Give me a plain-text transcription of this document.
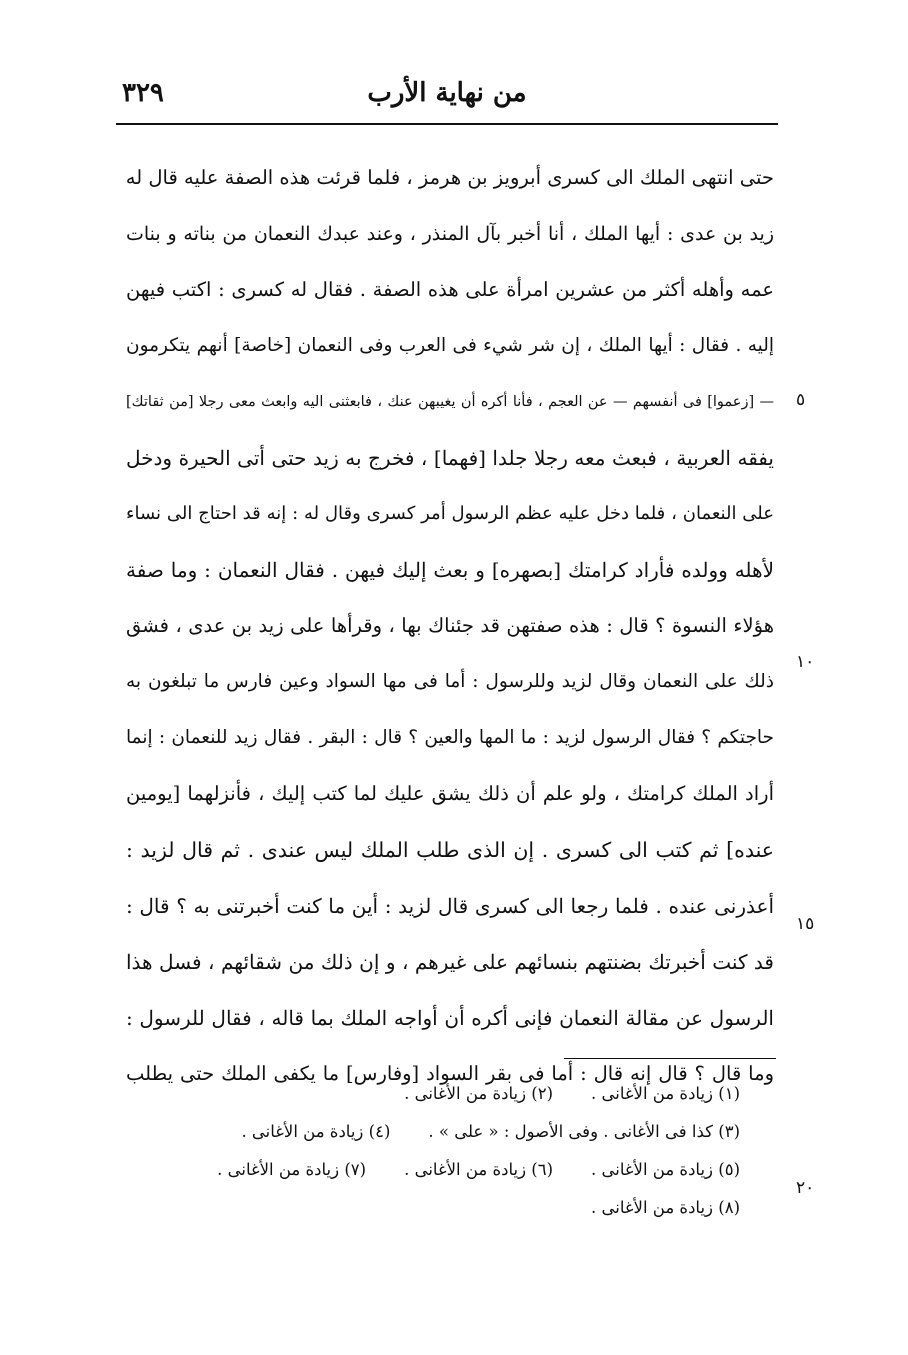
٣٢٩	من نهاية الأرب
حتى انتهى الملك الى كسرى أبرويز بن هرمز ، فلما قرئت هذه الصفة عليه قال له
زيد بن عدى : أيها الملك ، أنا أخبر بآل المنذر ، وعند عبدك النعمان من بناته و بنات
عمه وأهله أكثر من عشرين امرأة على هذه الصفة . فقال له كسرى : اكتب فيهن
إليه . فقال : أيها الملك ، إن شر شيء فى العرب وفى النعمان [خاصة] أنهم يتكرمون
— [زعموا] فى أنفسهم — عن العجم ، فأنا أكره أن يغيبهن عنك ، فابعثنى اليه وابعث معى رجلا [من ثقاتك]
يفقه العربية ، فبعث معه رجلا جلدا [فهما] ، فخرج به زيد حتى أتى الحيرة ودخل
على النعمان ، فلما دخل عليه عظم الرسول أمر كسرى وقال له : إنه قد احتاج الى نساء
لأهله وولده فأراد كرامتك [بصهره] و بعث إليك فيهن . فقال النعمان : وما صفة
هؤلاء النسوة ؟ قال : هذه صفتهن قد جئناك بها ، وقرأها على زيد بن عدى ، فشق
ذلك على النعمان وقال لزيد وللرسول : أما فى مها السواد وعين فارس ما تبلغون به
حاجتكم ؟ فقال الرسول لزيد : ما المها والعين ؟ قال : البقر . فقال زيد للنعمان : إنما
أراد الملك كرامتك ، ولو علم أن ذلك يشق عليك لما كتب إليك ، فأنزلهما [يومين
عنده] ثم كتب الى كسرى . إن الذى طلب الملك ليس عندى . ثم قال لزيد :
أعذرنى عنده . فلما رجعا الى كسرى قال لزيد : أين ما كنت أخبرتنى به ؟ قال :
قد كنت أخبرتك بضنتهم بنسائهم على غيرهم ، و إن ذلك من شقائهم ، فسل هذا
الرسول عن مقالة النعمان فإنى أكره أن أواجه الملك بما قاله ، فقال للرسول :
وما قال ؟ قال إنه قال : أما فى بقر السواد [وفارس] ما يكفى الملك حتى يطلب
٥
١٠
١٥
٢٠
(١) زيادة من الأغانى .
(٢) زيادة من الأغانى .
(٣) كذا فى الأغانى . وفى الأصول : « على » .
(٤) زيادة من الأغانى .
(٥) زيادة من الأغانى .
(٦) زيادة من الأغانى .
(٧) زيادة من الأغانى .
(٨) زيادة من الأغانى .
